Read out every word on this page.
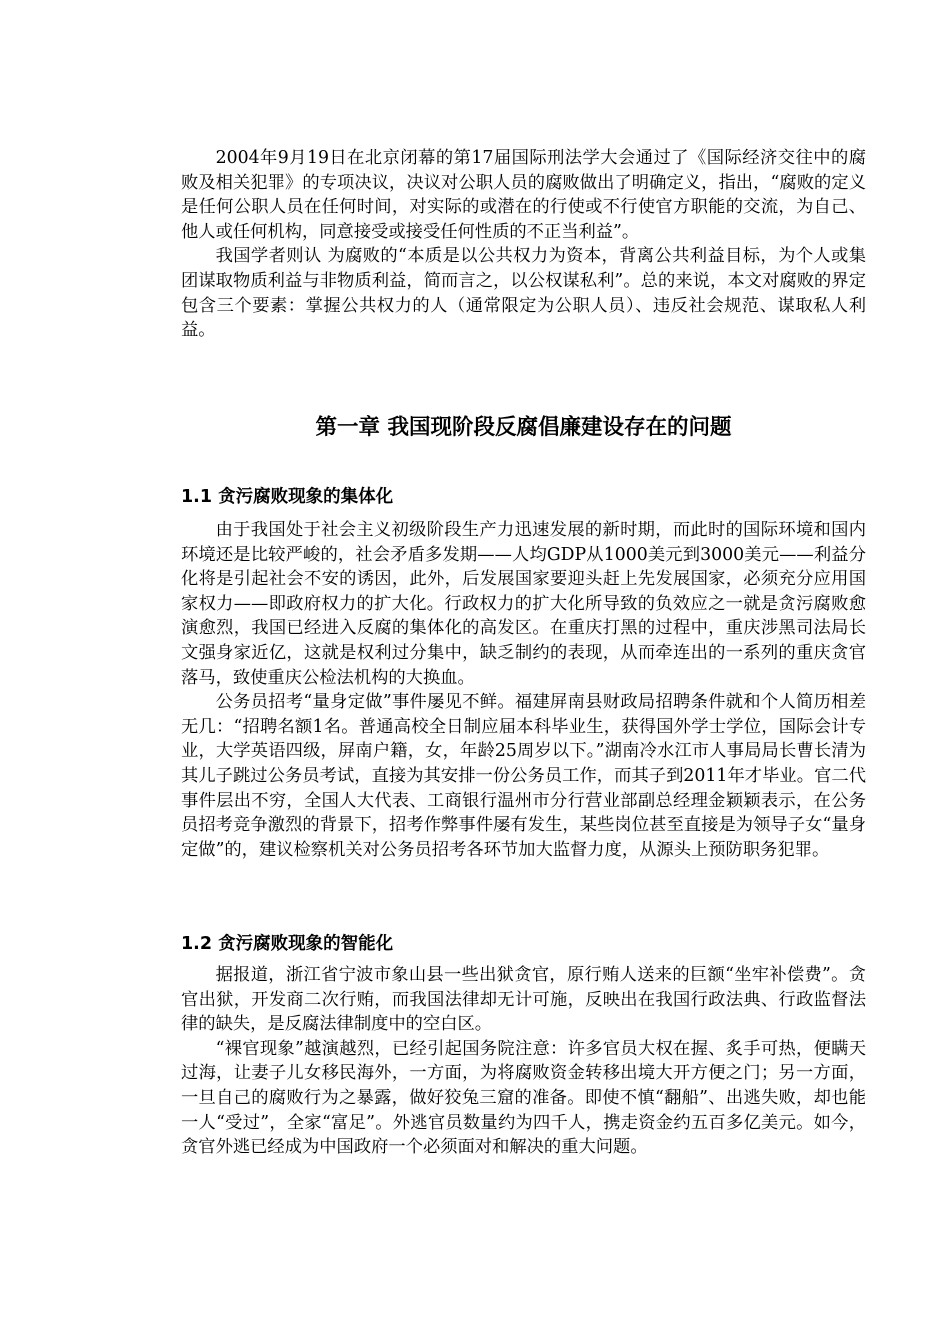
2004年9月19日在北京闭幕的第17届国际刑法学大会通过了《国际经济交往中的腐败及相关犯罪》的专项决议，决议对公职人员的腐败做出了明确定义，指出，“腐败的定义是任何公职人员在任何时间，对实际的或潜在的行使或不行使官方职能的交流，为自己、他人或任何机构，同意接受或接受任何性质的不正当利益”。

我国学者则认 为腐败的“本质是以公共权力为资本，背离公共利益目标，为个人或集团谋取物质利益与非物质利益，简而言之，以公权谋私利”。总的来说，本文对腐败的界定包含三个要素：掌握公共权力的人（通常限定为公职人员）、违反社会规范、谋取私人利益。

第一章 我国现阶段反腐倡廉建设存在的问题
1.1 贪污腐败现象的集体化

由于我国处于社会主义初级阶段生产力迅速发展的新时期，而此时的国际环境和国内环境还是比较严峻的，社会矛盾多发期——人均GDP从1000美元到3000美元——利益分化将是引起社会不安的诱因，此外，后发展国家要迎头赶上先发展国家，必须充分应用国家权力——即政府权力的扩大化。行政权力的扩大化所导致的负效应之一就是贪污腐败愈演愈烈，我国已经进入反腐的集体化的高发区。在重庆打黑的过程中，重庆涉黑司法局长文强身家近亿，这就是权利过分集中，缺乏制约的表现，从而牵连出的一系列的重庆贪官落马，致使重庆公检法机构的大换血。

公务员招考“量身定做”事件屡见不鲜。福建屏南县财政局招聘条件就和个人简历相差无几：“招聘名额1名。普通高校全日制应届本科毕业生，获得国外学士学位，国际会计专业，大学英语四级，屏南户籍，女，年龄25周岁以下。”湖南冷水江市人事局局长曹长清为其儿子跳过公务员考试，直接为其安排一份公务员工作，而其子到2011年才毕业。官二代事件层出不穷，全国人大代表、工商银行温州市分行营业部副总经理金颖颖表示，在公务员招考竞争激烈的背景下，招考作弊事件屡有发生，某些岗位甚至直接是为领导子女“量身定做”的，建议检察机关对公务员招考各环节加大监督力度，从源头上预防职务犯罪。

1.2 贪污腐败现象的智能化

据报道，浙江省宁波市象山县一些出狱贪官，原行贿人送来的巨额“坐牢补偿费”。贪官出狱，开发商二次行贿，而我国法律却无计可施，反映出在我国行政法典、行政监督法律的缺失，是反腐法律制度中的空白区。

“裸官现象”越演越烈，已经引起国务院注意：许多官员大权在握、炙手可热，便瞒天过海，让妻子儿女移民海外，一方面，为将腐败资金转移出境大开方便之门；另一方面，一旦自己的腐败行为之暴露，做好狡兔三窟的准备。即使不慎“翻船”、出逃失败，却也能一人“受过”，全家“富足”。外逃官员数量约为四千人，携走资金约五百多亿美元。如今，贪官外逃已经成为中国政府一个必须面对和解决的重大问题。
